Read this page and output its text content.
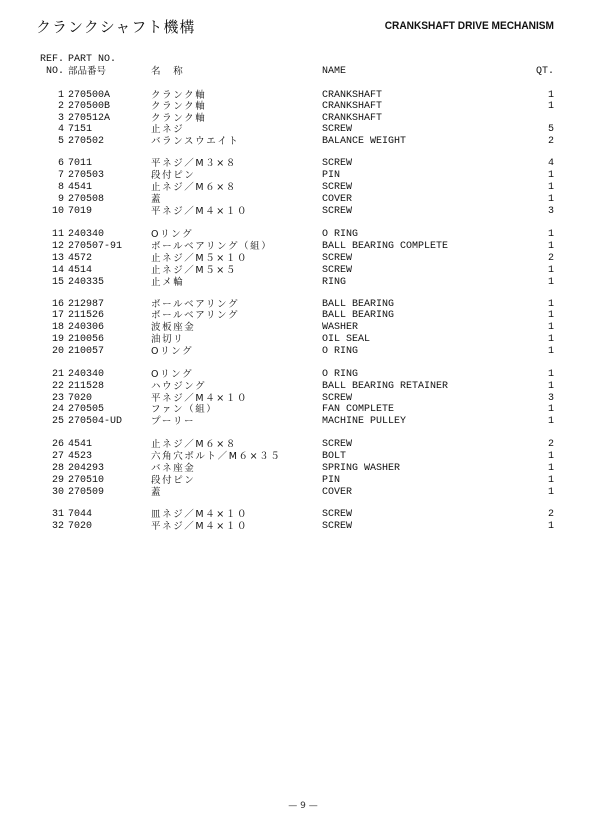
クランクシャフト機構	CRANKSHAFT DRIVE MECHANISM
REF. PART NO.
NO. 部品番号	名　称	NAME	QT.
1 270500A	クランク軸	CRANKSHAFT	1
2 270500B	クランク軸	CRANKSHAFT	1
3 270512A	クランク軸	CRANKSHAFT
4 7151	止ネジ	SCREW	5
5 270502	バランスウエイト	BALANCE WEIGHT	2
6 7011	平ネジ／M３×８	SCREW	4
7 270503	段付ピン	PIN	1
8 4541	止ネジ／M６×８	SCREW	1
9 270508	蓋	COVER	1
10 7019	平ネジ／M４×１０	SCREW	3
11 240340	Oリング	O RING	1
12 270507-91	ボールベアリング（組）	BALL BEARING COMPLETE	1
13 4572	止ネジ／M５×１０	SCREW	2
14 4514	止ネジ／M５×５	SCREW	1
15 240335	止メ輪	RING	1
16 212987	ボールベアリング	BALL BEARING	1
17 211526	ボールベアリング	BALL BEARING	1
18 240306	波板座金	WASHER	1
19 210056	油切リ	OIL SEAL	1
20 210057	Oリング	O RING	1
21 240340	Oリング	O RING	1
22 211528	ハウジング	BALL BEARING RETAINER	1
23 7020	平ネジ／M４×１０	SCREW	3
24 270505	ファン（組）	FAN COMPLETE	1
25 270504-UD	プーリー	MACHINE PULLEY	1
26 4541	止ネジ／M６×８	SCREW	2
27 4523	六角穴ボルト／M６×３５	BOLT	1
28 204293	バネ座金	SPRING WASHER	1
29 270510	段付ピン	PIN	1
30 270509	蓋	COVER	1
31 7044	皿ネジ／M４×１０	SCREW	2
32 7020	平ネジ／M４×１０	SCREW	1
— 9 —
